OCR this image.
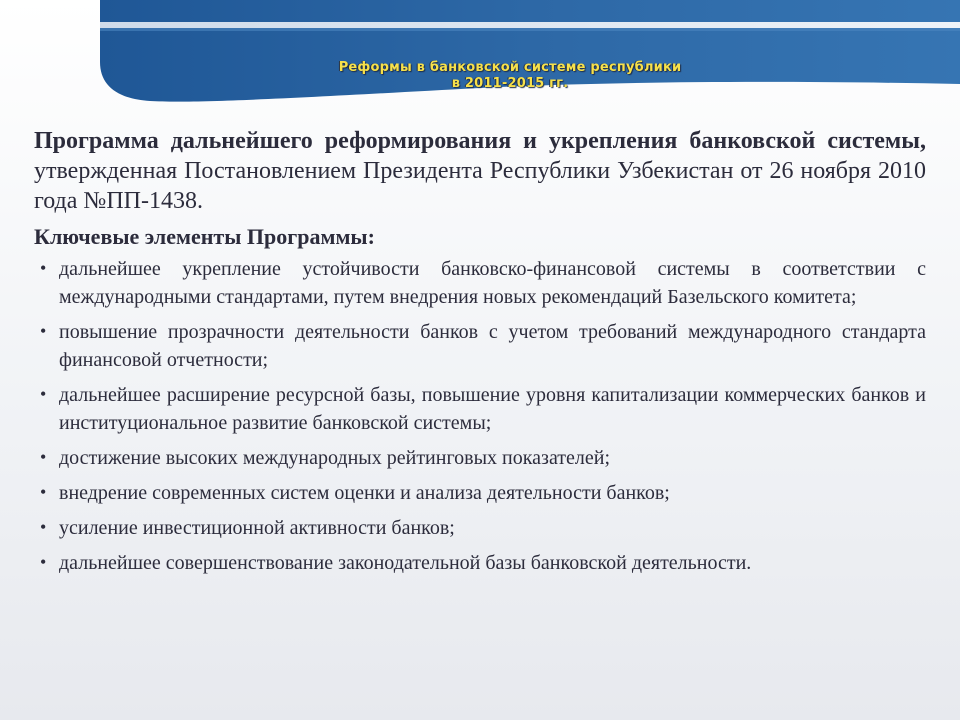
Реформы в банковской системе республики
в 2011-2015 гг.

Программа дальнейшего реформирования и укрепления банковской системы, утвержденная Постановлением Президента Республики Узбекистан от 26 ноября 2010 года №ПП-1438.

Ключевые элементы Программы:
• дальнейшее укрепление устойчивости банковско-финансовой системы в соответствии с международными стандартами, путем внедрения новых рекомендаций Базельского комитета;
• повышение прозрачности деятельности банков с учетом требований международного стандарта финансовой отчетности;
• дальнейшее расширение ресурсной базы, повышение уровня капитализации коммерческих банков и институциональное развитие банковской системы;
• достижение высоких международных рейтинговых показателей;
• внедрение современных систем оценки и анализа деятельности банков;
• усиление инвестиционной активности банков;
• дальнейшее совершенствование законодательной базы банковской деятельности.
